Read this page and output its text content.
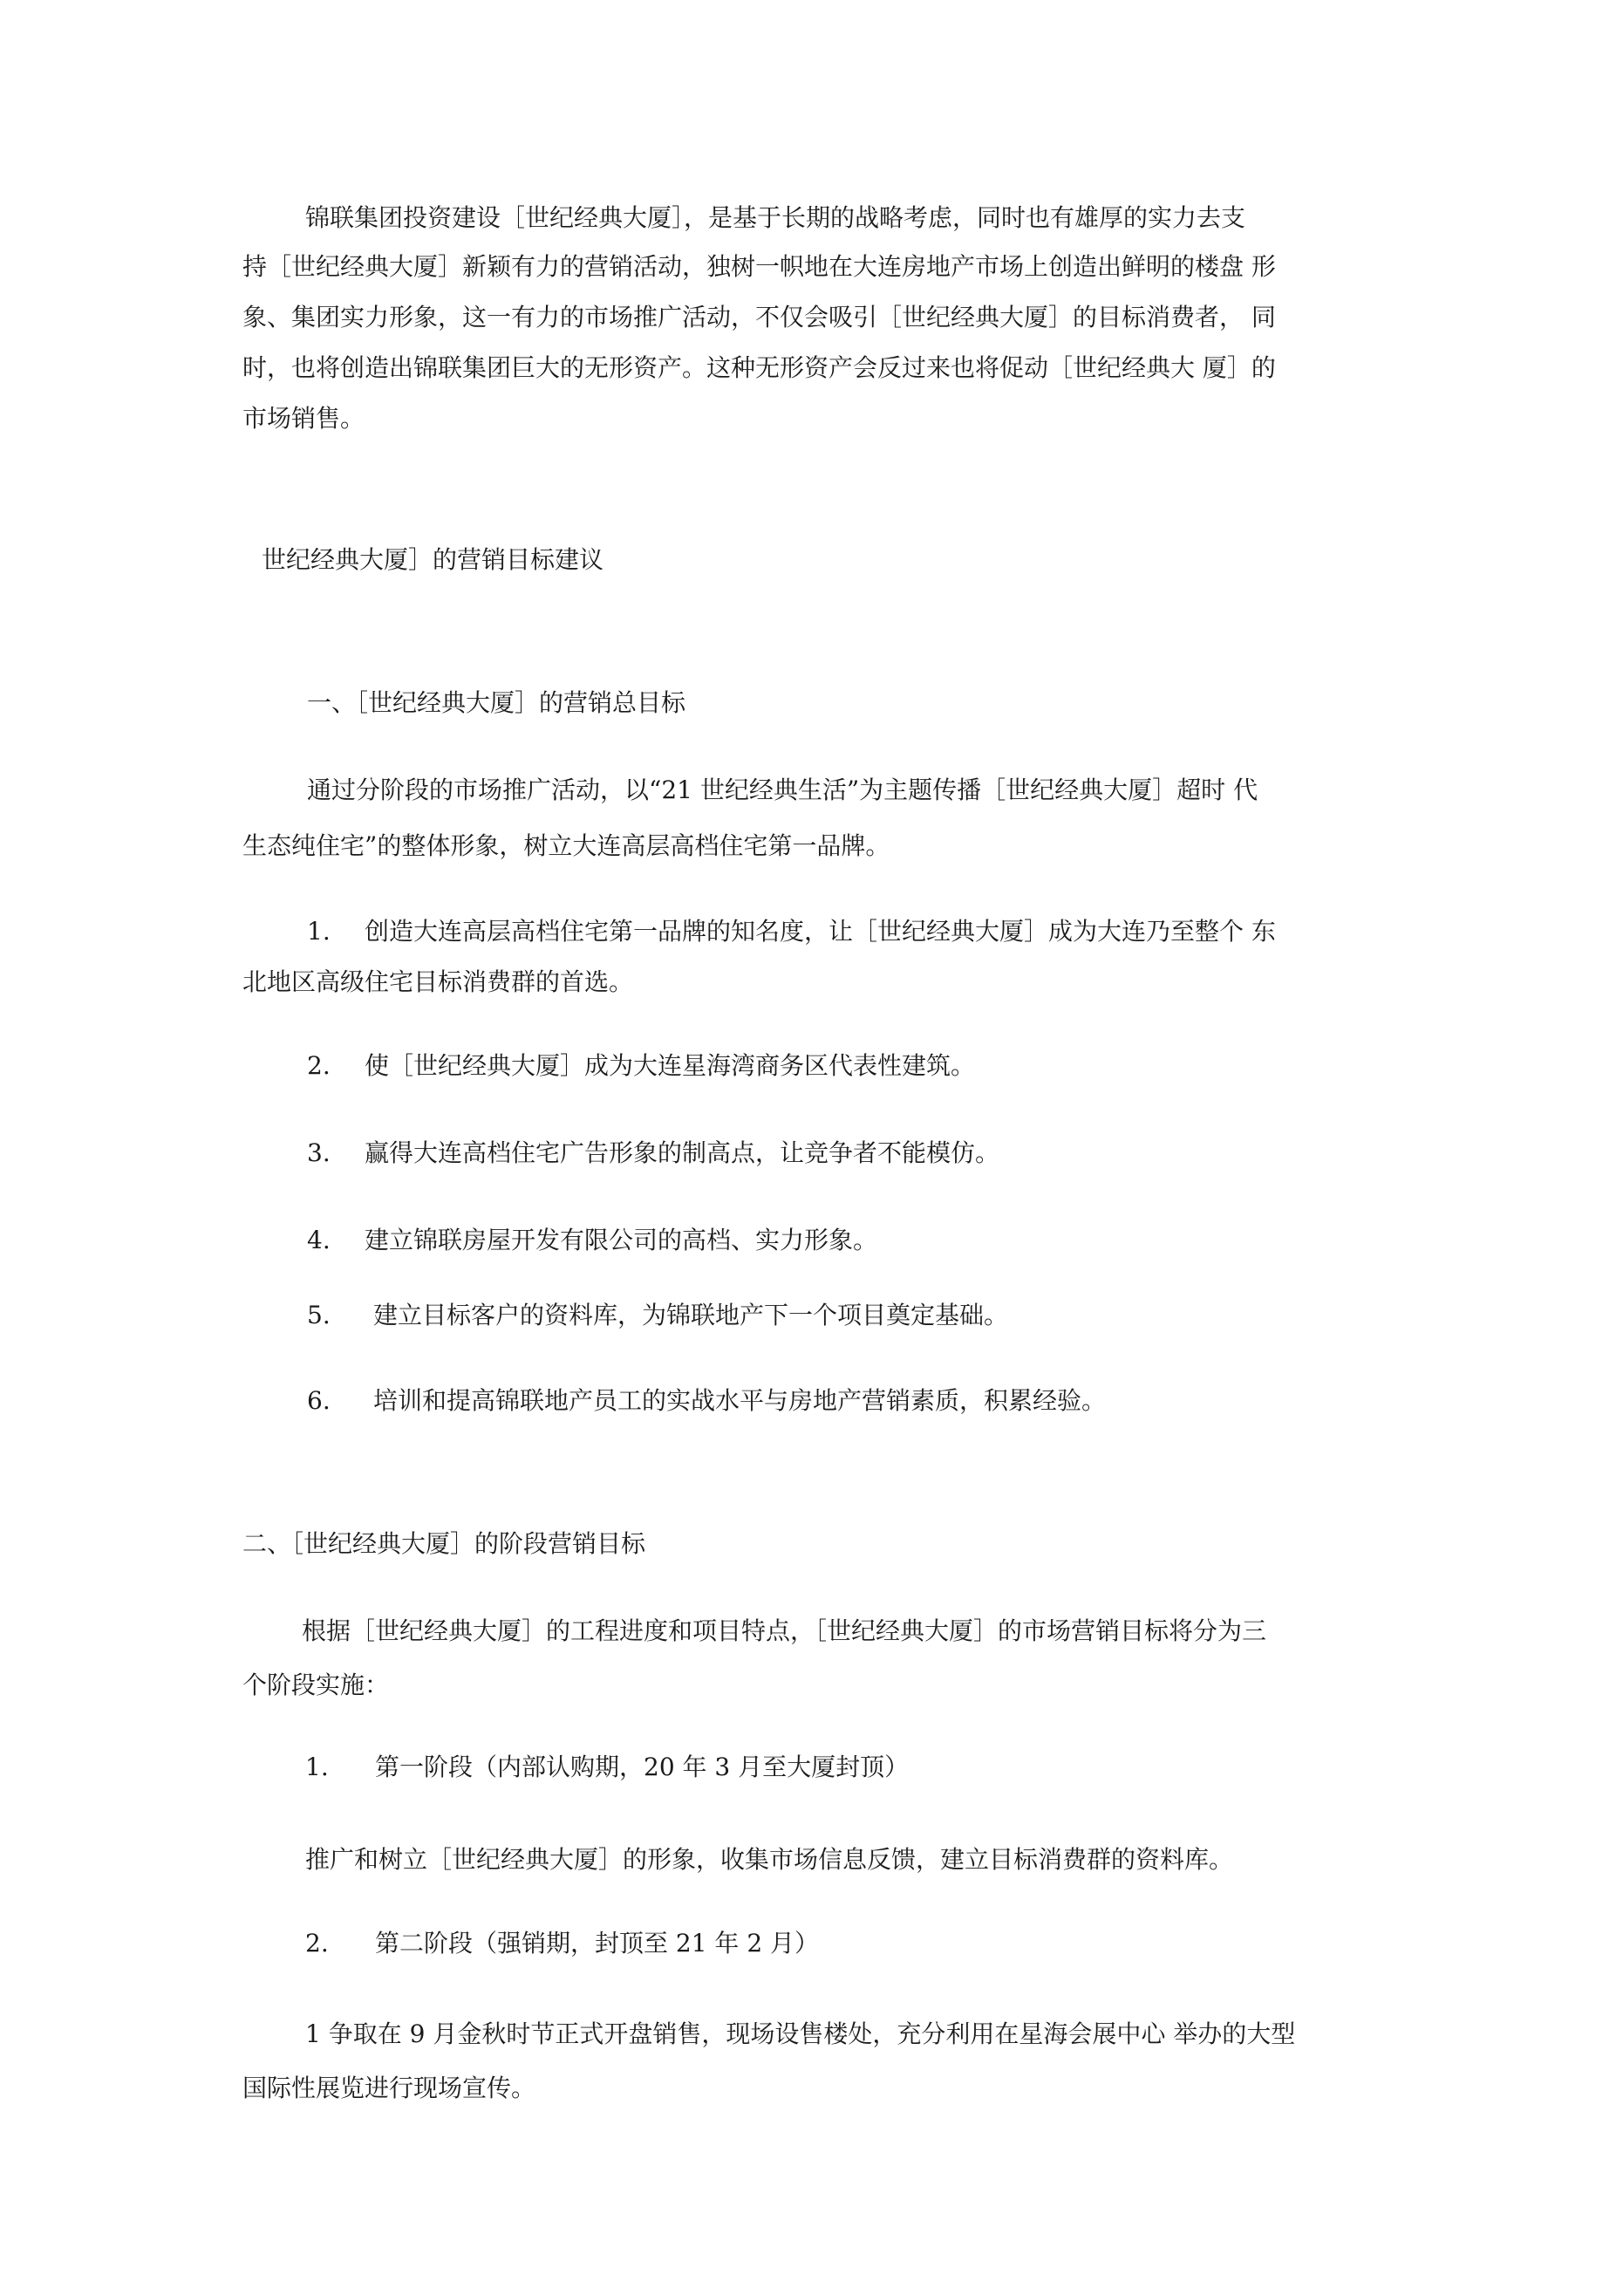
锦联集团投资建设［世纪经典大厦］，是基于长期的战略考虑，同时也有雄厚的实力去支

持［世纪经典大厦］新颖有力的营销活动，独树一帜地在大连房地产市场上创造出鲜明的楼盘 形

象、集团实力形象，这一有力的市场推广活动，不仅会吸引［世纪经典大厦］的目标消费者， 同

时，也将创造出锦联集团巨大的无形资产。这种无形资产会反过来也将促动［世纪经典大 厦］的

市场销售。

世纪经典大厦］的营销目标建议

一、［世纪经典大厦］的营销总目标

通过分阶段的市场推广活动，以“21 世纪经典生活”为主题传播［世纪经典大厦］超时 代

生态纯住宅”的整体形象，树立大连高层高档住宅第一品牌。

1. 创造大连高层高档住宅第一品牌的知名度，让［世纪经典大厦］成为大连乃至整个 东

北地区高级住宅目标消费群的首选。

2. 使［世纪经典大厦］成为大连星海湾商务区代表性建筑。

3. 赢得大连高档住宅广告形象的制高点，让竞争者不能模仿。

4. 建立锦联房屋开发有限公司的高档、实力形象。

5. 建立目标客户的资料库，为锦联地产下一个项目奠定基础。

6. 培训和提高锦联地产员工的实战水平与房地产营销素质，积累经验。

二、［世纪经典大厦］的阶段营销目标

根据［世纪经典大厦］的工程进度和项目特点，［世纪经典大厦］的市场营销目标将分为三

个阶段实施：

1. 第一阶段（内部认购期，20 年 3 月至大厦封顶）

推广和树立［世纪经典大厦］的形象，收集市场信息反馈，建立目标消费群的资料库。

2. 第二阶段（强销期，封顶至 21 年 2 月）

1 争取在 9 月金秋时节正式开盘销售，现场设售楼处，充分利用在星海会展中心 举办的大型

国际性展览进行现场宣传。
